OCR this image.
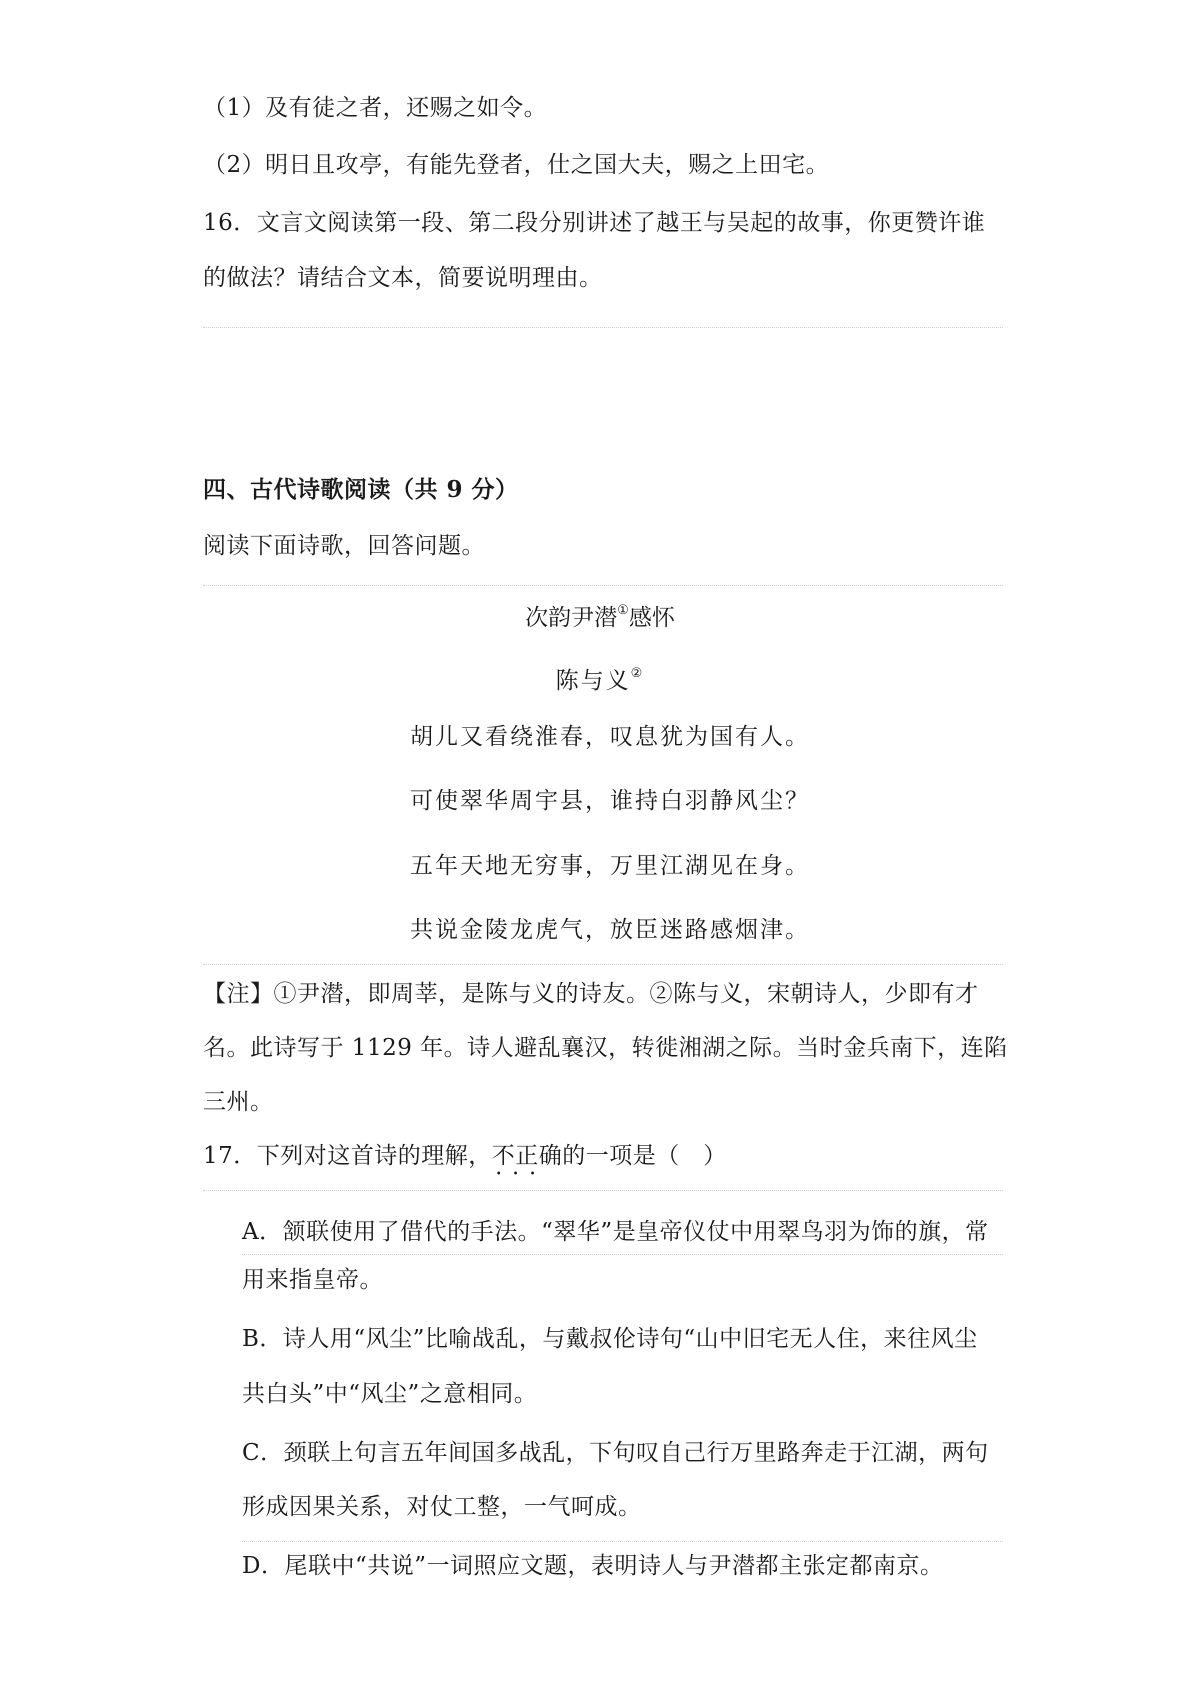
（1）及有徒之者，还赐之如令。
（2）明日且攻亭，有能先登者，仕之国大夫，赐之上田宅。
16．文言文阅读第一段、第二段分别讲述了越王与吴起的故事，你更赞许谁
的做法？请结合文本，简要说明理由。
四、古代诗歌阅读（共 9 分）
阅读下面诗歌，回答问题。
次韵尹潜①感怀
陈与义②
胡儿又看绕淮春，叹息犹为国有人。
可使翠华周宇县，谁持白羽静风尘？
五年天地无穷事，万里江湖见在身。
共说金陵龙虎气，放臣迷路感烟津。
【注】①尹潜，即周莘，是陈与义的诗友。②陈与义，宋朝诗人，少即有才
名。此诗写于 1129 年。诗人避乱襄汉，转徙湘湖之际。当时金兵南下，连陷
三州。
17．下列对这首诗的理解，不正确 •••的一项是（　）
A．颔联使用了借代的手法。“翠华”是皇帝仪仗中用翠鸟羽为饰的旗，常
用来指皇帝。
B．诗人用“风尘”比喻战乱，与戴叔伦诗句“山中旧宅无人住，来往风尘
共白头”中“风尘”之意相同。
C．颈联上句言五年间国多战乱，下句叹自己行万里路奔走于江湖，两句
形成因果关系，对仗工整，一气呵成。
D．尾联中“共说”一词照应文题，表明诗人与尹潜都主张定都南京。
